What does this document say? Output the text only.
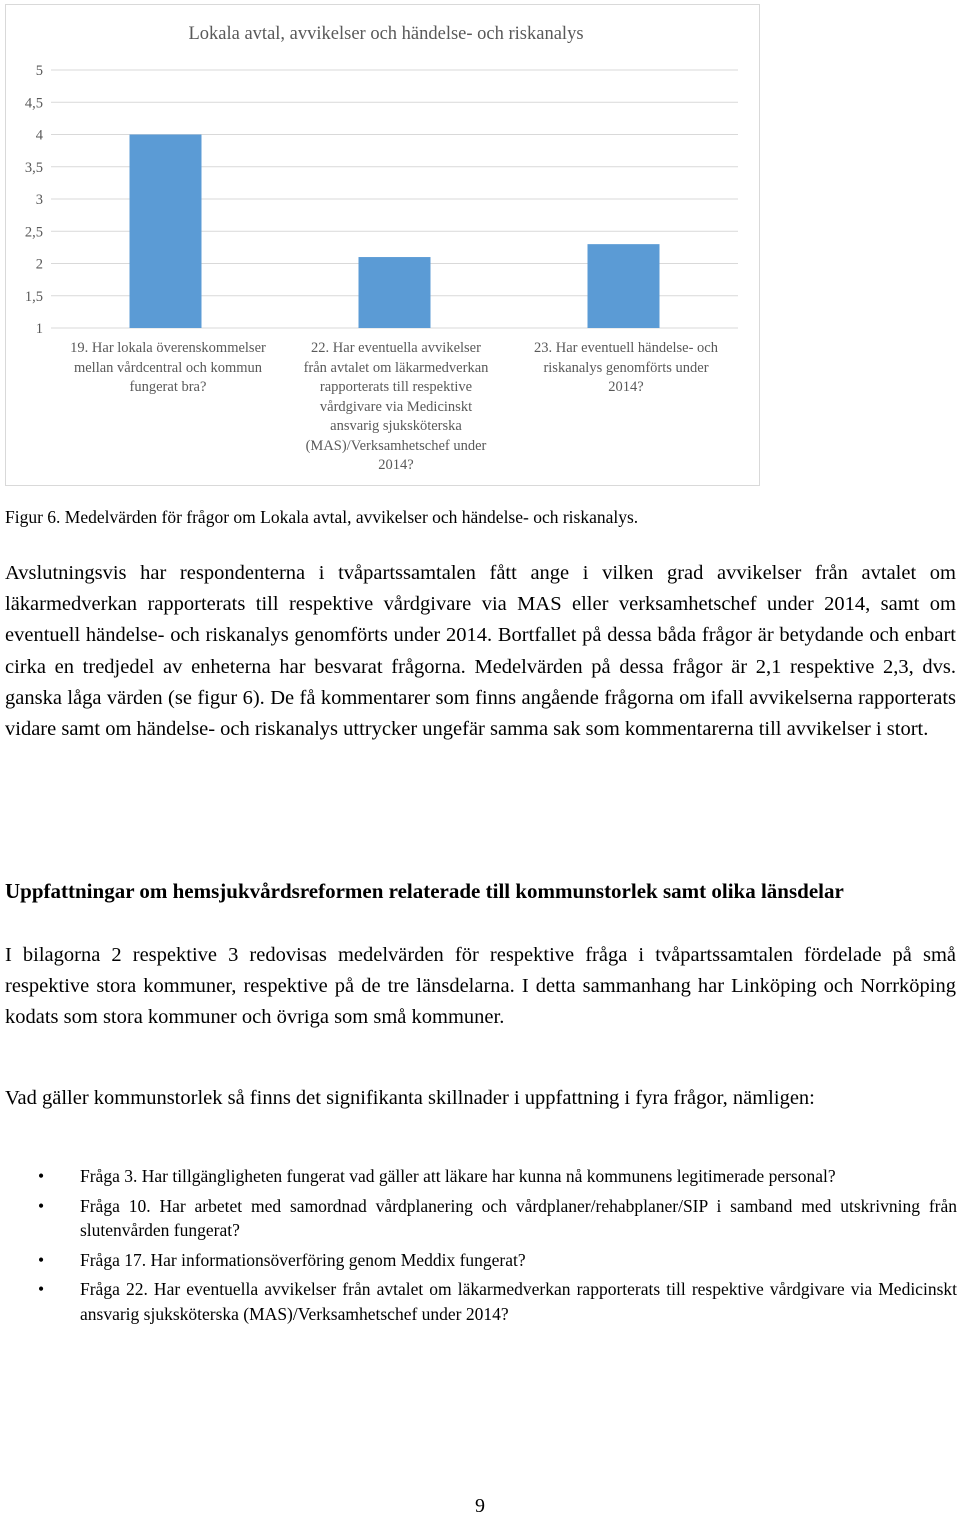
Lokala avtal, avvikelser och händelse- och riskanalys
1
1,5
2
2,5
3
3,5
4
4,5
5
19. Har lokala överenskommelser
mellan vårdcentral och kommun
fungerat bra?
22. Har eventuella avvikelser
från avtalet om läkarmedverkan
rapporterats till respektive
vårdgivare via Medicinskt
ansvarig sjuksköterska
(MAS)/Verksamhetschef under
2014?
23. Har eventuell händelse- och
riskanalys genomförts under
2014?
Figur 6. Medelvärden för frågor om Lokala avtal, avvikelser och händelse- och riskanalys.

Avslutningsvis har respondenterna i tvåpartssamtalen fått ange i vilken grad avvikelser från avtalet om läkarmedverkan rapporterats till respektive vårdgivare via MAS eller verksamhetschef under 2014, samt om eventuell händelse- och riskanalys genomförts under 2014. Bortfallet på dessa båda frågor är betydande och enbart cirka en tredjedel av enheterna har besvarat frågorna. Medelvärden på dessa frågor är 2,1 respektive 2,3, dvs. ganska låga värden (se figur 6). De få kommentarer som finns angående frågorna om ifall avvikelserna rapporterats vidare samt om händelse- och riskanalys uttrycker ungefär samma sak som kommentarerna till avvikelser i stort.

Uppfattningar om hemsjukvårdsreformen relaterade till kommunstorlek samt olika länsdelar

I bilagorna 2 respektive 3 redovisas medelvärden för respektive fråga i tvåpartssamtalen fördelade på små respektive stora kommuner, respektive på de tre länsdelarna. I detta sammanhang har Linköping och Norrköping kodats som stora kommuner och övriga som små kommuner.

Vad gäller kommunstorlek så finns det signifikanta skillnader i uppfattning i fyra frågor, nämligen:

• Fråga 3. Har tillgängligheten fungerat vad gäller att läkare har kunna nå kommunens legitimerade personal?
• Fråga 10. Har arbetet med samordnad vårdplanering och vårdplaner/rehabplaner/SIP i samband med utskrivning från slutenvården fungerat?
• Fråga 17. Har informationsöverföring genom Meddix fungerat?
• Fråga 22. Har eventuella avvikelser från avtalet om läkarmedverkan rapporterats till respektive vårdgivare via Medicinskt ansvarig sjuksköterska (MAS)/Verksamhetschef under 2014?
9
